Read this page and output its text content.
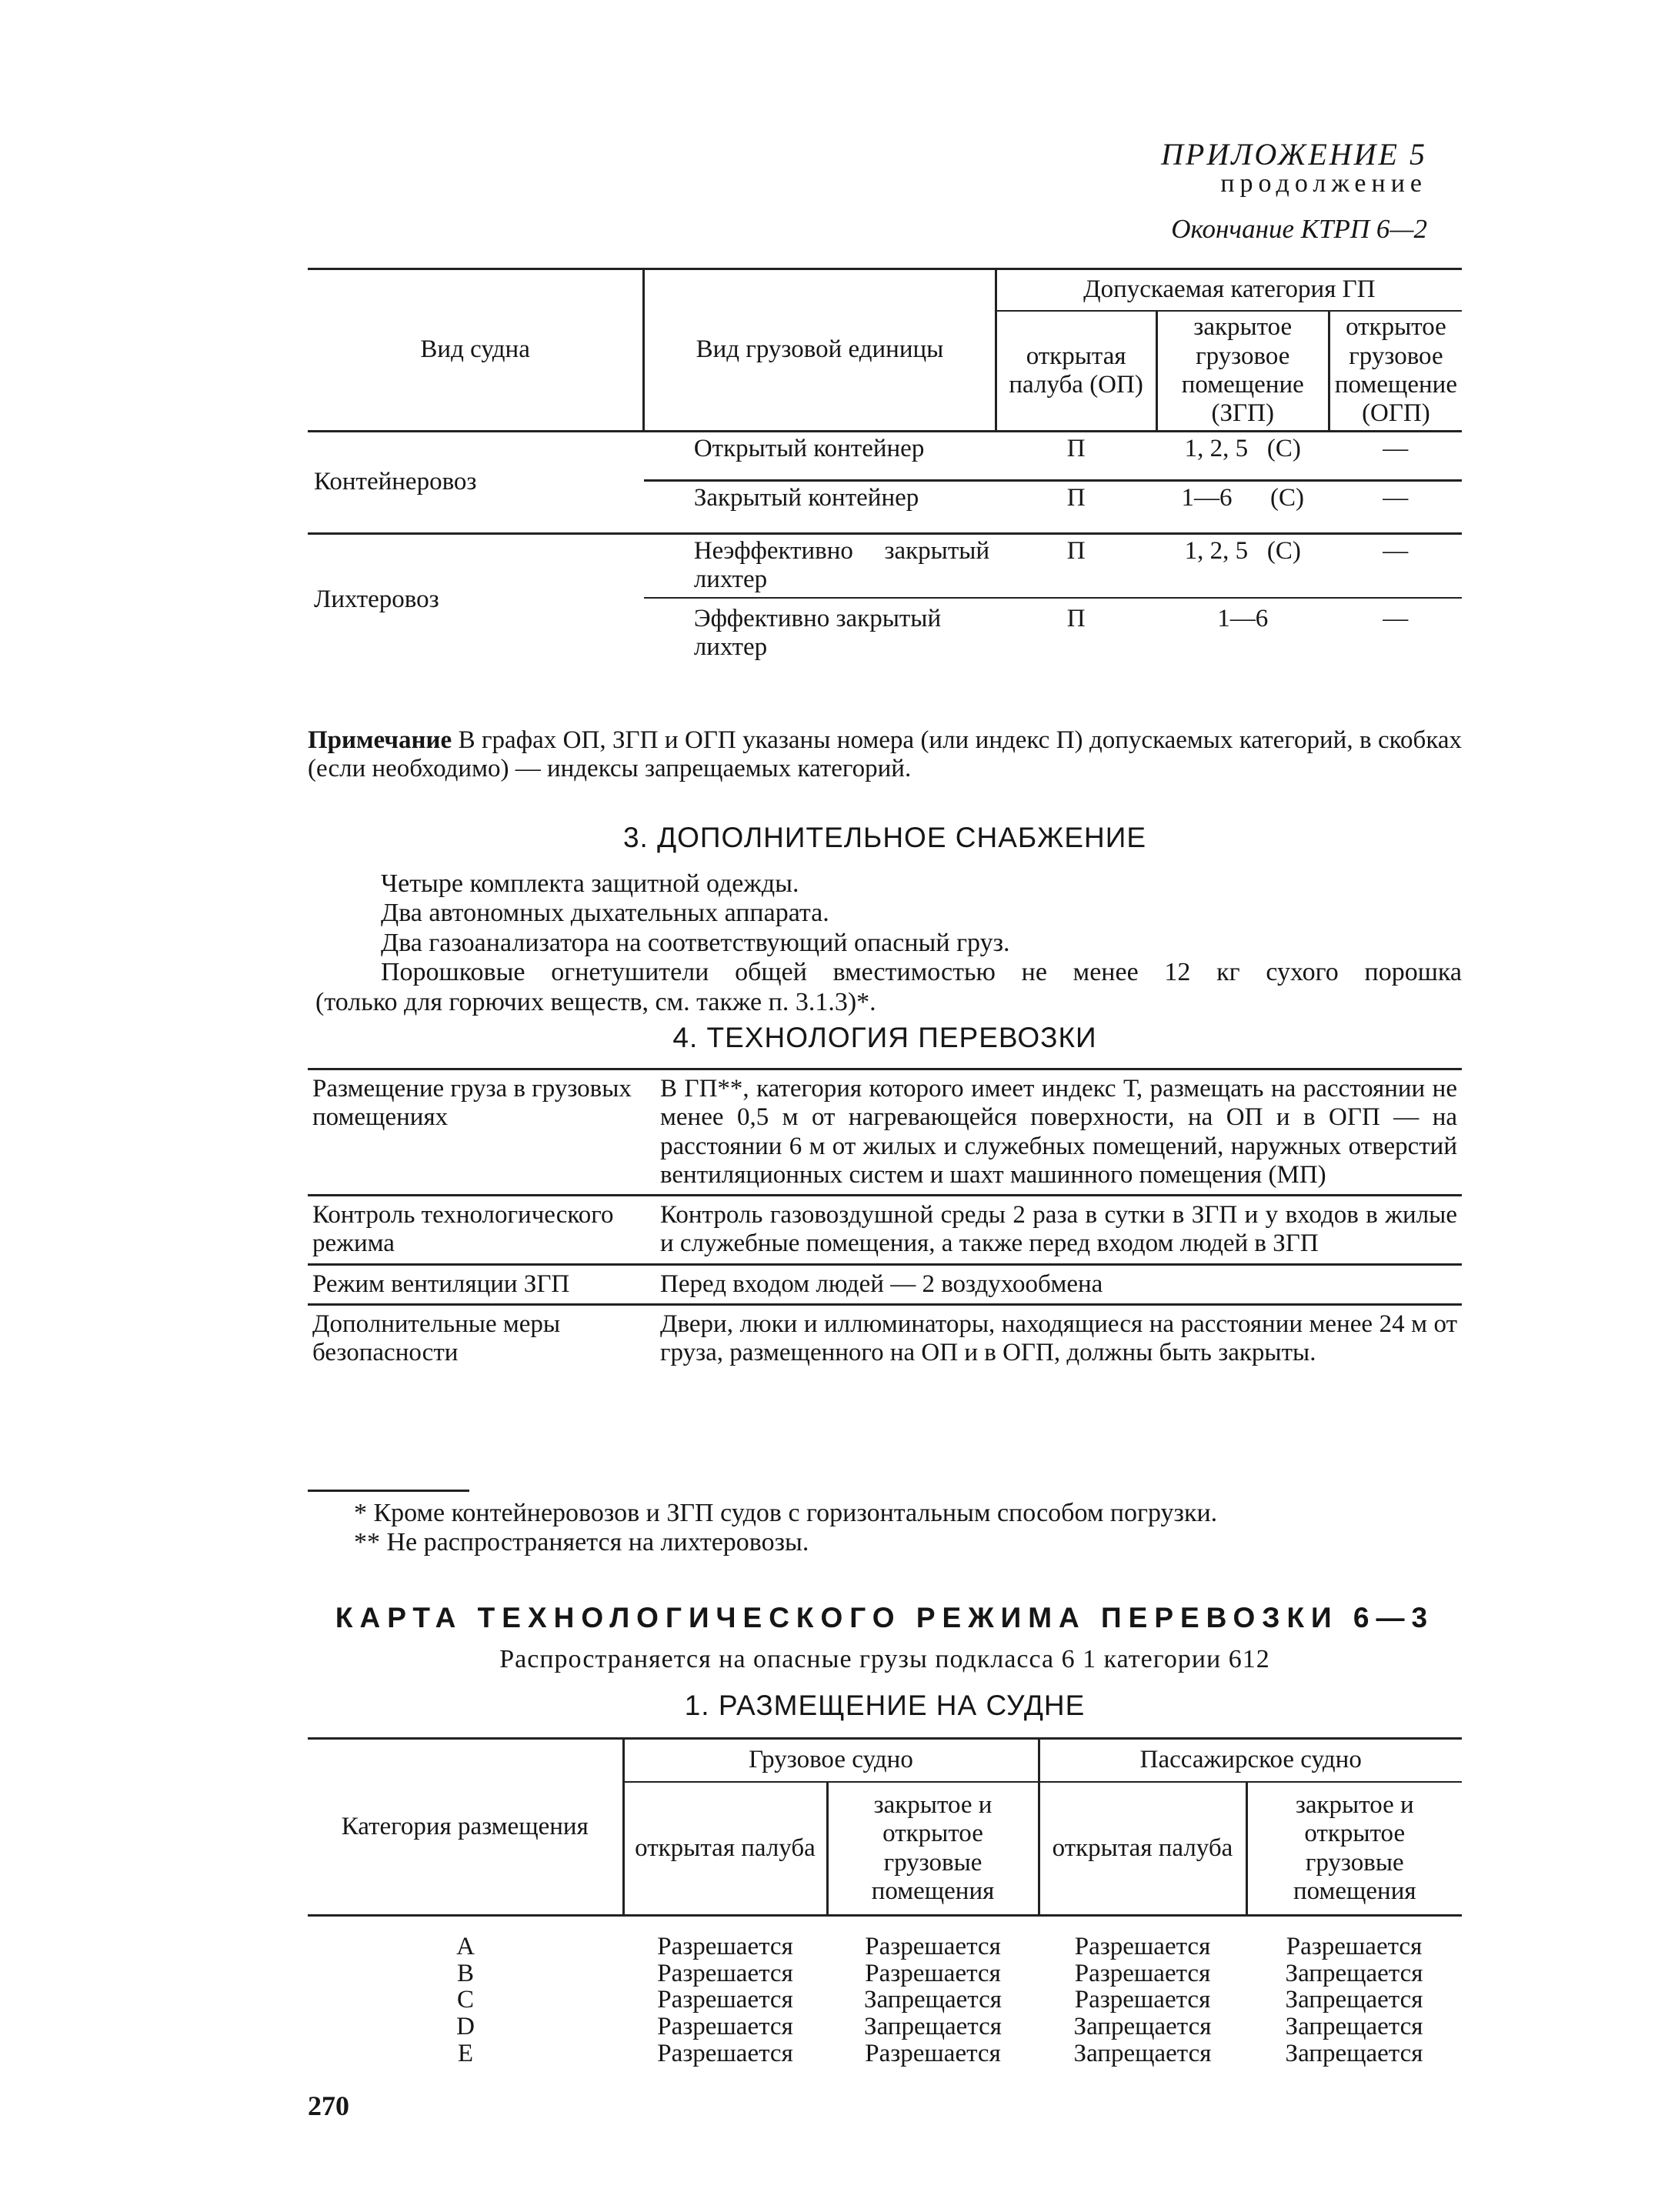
ПРИЛОЖЕНИЕ 5
продолжение
Окончание КТРП 6—2
Вид судна	Вид грузовой единицы	Допускаемая категория ГП		
		открытая палуба (ОП)	закрытое грузовое помещение (ЗГП)	открытое грузовое помещение (ОГП)
Контейнеровоз	Открытый контейнер	П	1, 2, 5   (С)	—
	Закрытый контейнер	П	1—6      (С)	—
Лихтеровоз	Неэффективно закрытый лихтер	П	1, 2, 5   (С)	—
	Эффективно закрытый лихтер	П	1—6	—
Примечание В графах ОП, ЗГП и ОГП указаны номера (или индекс П) допускаемых категорий, в скобках (если необходимо) — индексы запрещаемых категорий.
3. ДОПОЛНИТЕЛЬНОЕ СНАБЖЕНИЕ
Четыре комплекта защитной одежды.
Два автономных дыхательных аппарата.
Два газоанализатора на соответствующий опасный груз.
Порошковые огнетушители общей вместимостью не менее 12 кг сухого порошка
(только для горючих веществ, см. также п. 3.1.3)*.
4. ТЕХНОЛОГИЯ ПЕРЕВОЗКИ
Размещение груза в грузовых помещениях	В ГП**, категория которого имеет индекс Т, размещать на расстоянии не менее 0,5 м от нагревающейся поверхности, на ОП и в ОГП — на расстоянии 6 м от жилых и служебных помещений, наружных отверстий вентиляционных систем и шахт машинного помещения (МП)
Контроль технологического режима	Контроль газовоздушной среды 2 раза в сутки в ЗГП и у входов в жилые и служебные помещения, а также перед входом людей в ЗГП
Режим вентиляции ЗГП	Перед входом людей — 2 воздухообмена
Дополнительные меры безопасности	Двери, люки и иллюминаторы, находящиеся на расстоянии менее 24 м от груза, размещенного на ОП и в ОГП, должны быть закрыты.
* Кроме контейнеровозов и ЗГП судов с горизонтальным способом погрузки.
** Не распространяется на лихтеровозы.
КАРТА ТЕХНОЛОГИЧЕСКОГО РЕЖИМА ПЕРЕВОЗКИ 6—3
Распространяется на опасные грузы подкласса 6 1 категории 612
1. РАЗМЕЩЕНИЕ НА СУДНЕ
Категория размещения	Грузовое судно		Пассажирское судно	
	открытая палуба	закрытое и открытое грузовые помещения	открытая палуба	закрытое и открытое грузовые помещения

A	Разрешается	Разрешается	Разрешается	Разрешается
B	Разрешается	Разрешается	Разрешается	Запрещается
C	Разрешается	Запрещается	Разрешается	Запрещается
D	Разрешается	Запрещается	Запрещается	Запрещается
E	Разрешается	Разрешается	Запрещается	Запрещается
270
